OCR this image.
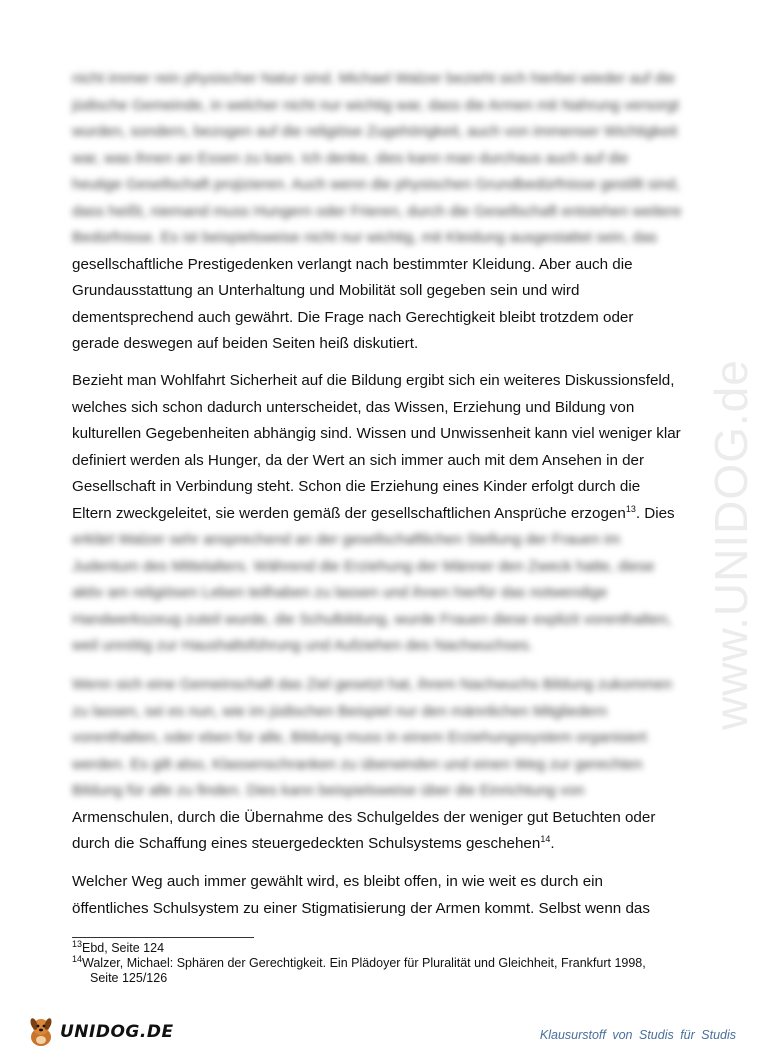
www.UNIDOG.de
nicht immer rein physischer Natur sind. Michael Walzer bezieht sich hierbei wieder auf die
jüdische Gemeinde, in welcher nicht nur wichtig war, dass die Armen mit Nahrung versorgt
wurden, sondern, bezogen auf die religiöse Zugehörigkeit, auch von immenser Wichtigkeit
war, was ihnen an Essen zu kam. Ich denke, dies kann man durchaus auch auf die
heutige Gesellschaft projizieren. Auch wenn die physischen Grundbedürfnisse gestillt sind,
dass heißt, niemand muss Hungern oder Frieren, durch die Gesellschaft entstehen weitere
Bedürfnisse. Es ist beispielsweise nicht nur wichtig, mit Kleidung ausgestattet sein, das
gesellschaftliche Prestigedenken verlangt nach bestimmter Kleidung. Aber auch die
Grundausstattung an Unterhaltung und Mobilität soll gegeben sein und wird
dementsprechend auch gewährt. Die Frage nach Gerechtigkeit bleibt trotzdem oder
gerade deswegen auf beiden Seiten heiß diskutiert.
Bezieht man Wohlfahrt Sicherheit auf die Bildung ergibt sich ein weiteres Diskussionsfeld,
welches sich schon dadurch unterscheidet, das Wissen, Erziehung und Bildung von
kulturellen Gegebenheiten abhängig sind. Wissen und Unwissenheit kann viel weniger klar
definiert werden als Hunger, da der Wert an sich immer auch mit dem Ansehen in der
Gesellschaft in Verbindung steht. Schon die Erziehung eines Kinder erfolgt durch die
Eltern zweckgeleitet, sie werden gemäß der gesellschaftlichen Ansprüche erzogen$^{13}$. Dies
erklärt Walzer sehr ansprechend an der gesellschaftlichen Stellung der Frauen im
Judentum des Mittelalters. Während die Erziehung der Männer den Zweck hatte, diese
aktiv am religiösen Leben teilhaben zu lassen und ihnen hierfür das notwendige
Handwerkszeug zuteil wurde, die Schulbildung, wurde Frauen diese explizit vorenthalten,
weil unnötig zur Haushaltsführung und Aufziehen des Nachwuchses.
Wenn sich eine Gemeinschaft das Ziel gesetzt hat, ihrem Nachwuchs Bildung zukommen
zu lassen, sei es nun, wie im jüdischen Beispiel nur den männlichen Mitgliedern
vorenthalten, oder eben für alle, Bildung muss in einem Erziehungssystem organisiert
werden. Es gilt also, Klassenschranken zu überwinden und einen Weg zur gerechten
Bildung für alle zu finden. Dies kann beispielsweise über die Einrichtung von
Armenschulen, durch die Übernahme des Schulgeldes der weniger gut Betuchten oder
durch die Schaffung eines steuergedeckten Schulsystems geschehen$^{14}$.
Welcher Weg auch immer gewählt wird, es bleibt offen, in wie weit es durch ein
öffentliches Schulsystem zu einer Stigmatisierung der Armen kommt. Selbst wenn das
$^{13}$Ebd, Seite 124
$^{14}$Walzer, Michael: Sphären der Gerechtigkeit. Ein Plädoyer für Pluralität und Gleichheit, Frankfurt 1998,
Seite 125/126
UNIDOG.DE	Klausurstoff von Studis für Studis
